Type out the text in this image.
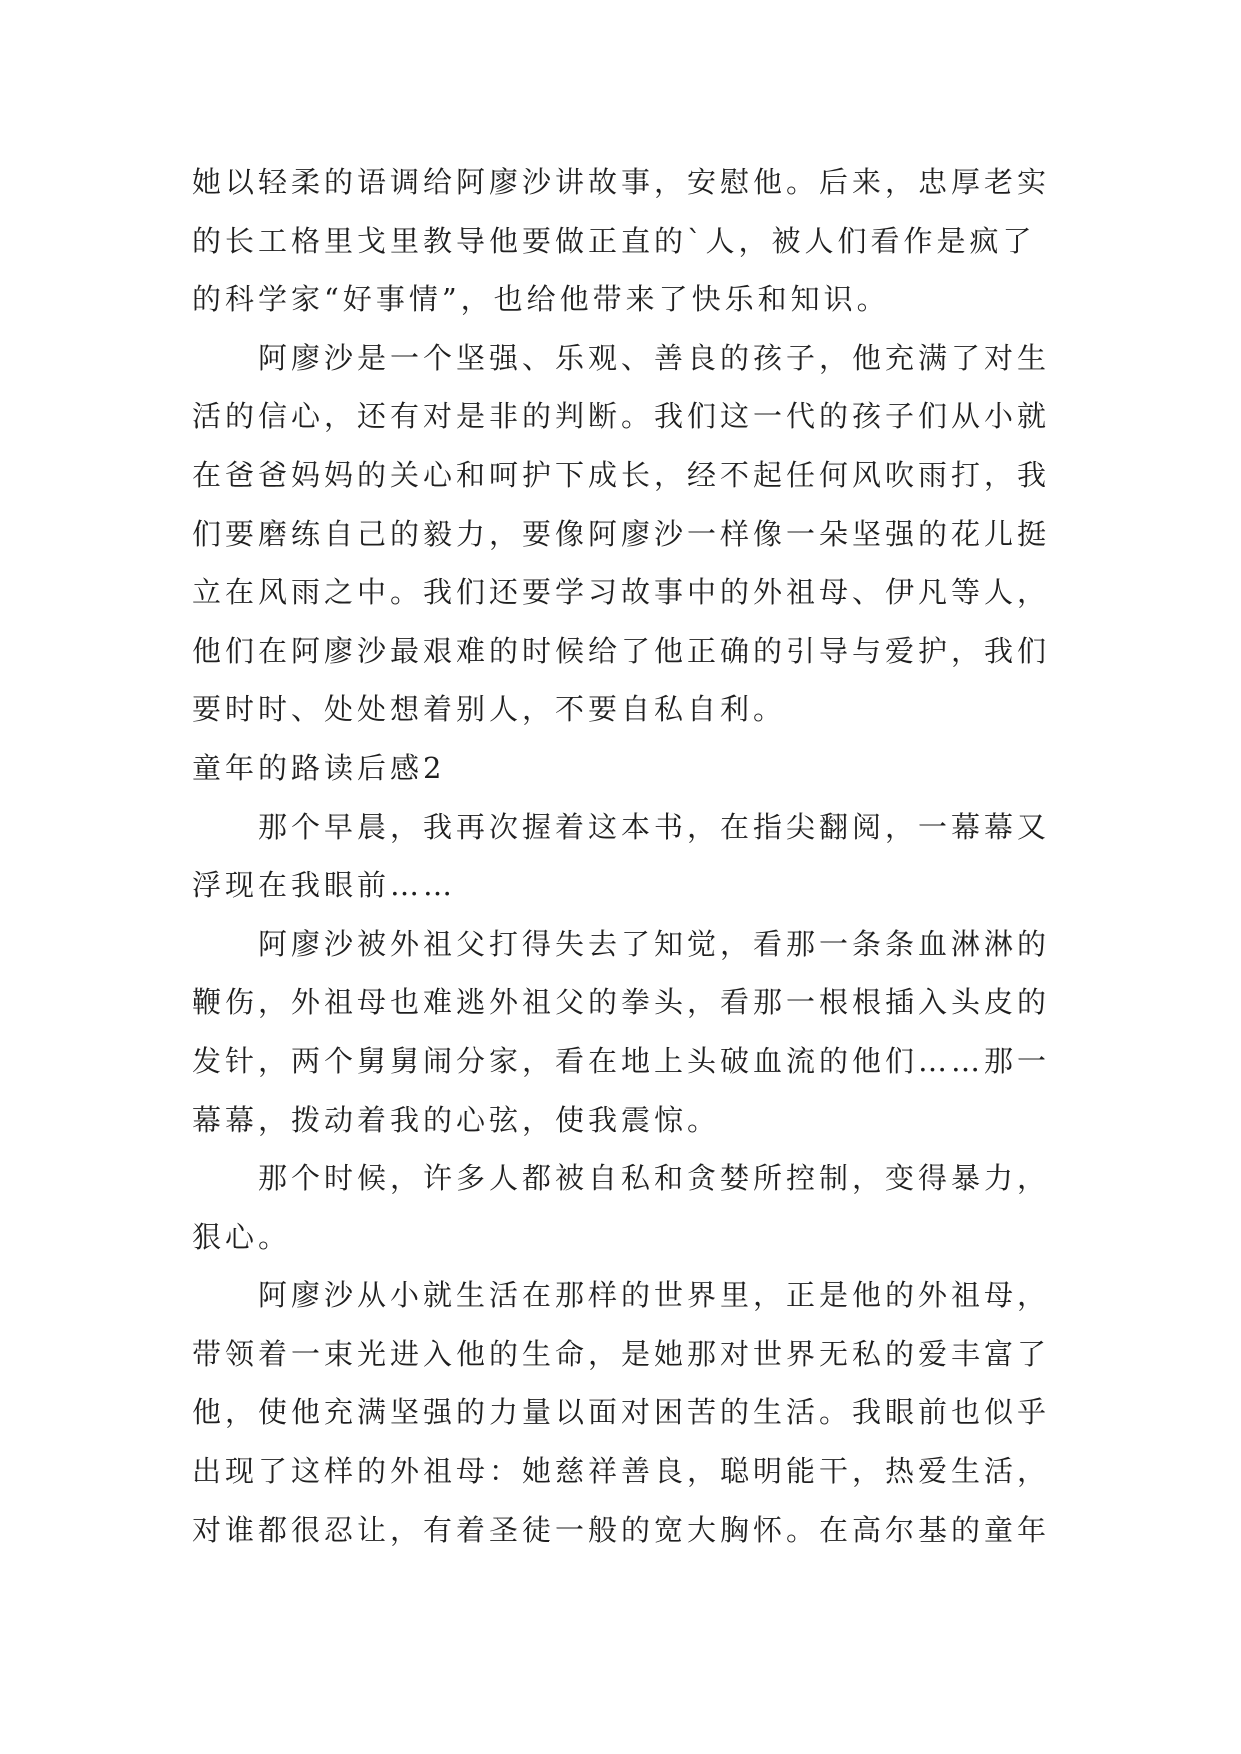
她以轻柔的语调给阿廖沙讲故事，安慰他。后来，忠厚老实
的长工格里戈里教导他要做正直的`人，被人们看作是疯了
的科学家“好事情”，也给他带来了快乐和知识。
阿廖沙是一个坚强、乐观、善良的孩子，他充满了对生
活的信心，还有对是非的判断。我们这一代的孩子们从小就
在爸爸妈妈的关心和呵护下成长，经不起任何风吹雨打，我
们要磨练自己的毅力，要像阿廖沙一样像一朵坚强的花儿挺
立在风雨之中。我们还要学习故事中的外祖母、伊凡等人，
他们在阿廖沙最艰难的时候给了他正确的引导与爱护，我们
要时时、处处想着别人，不要自私自利。
童年的路读后感2
那个早晨，我再次握着这本书，在指尖翻阅，一幕幕又
浮现在我眼前……
阿廖沙被外祖父打得失去了知觉，看那一条条血淋淋的
鞭伤，外祖母也难逃外祖父的拳头，看那一根根插入头皮的
发针，两个舅舅闹分家，看在地上头破血流的他们……那一
幕幕，拨动着我的心弦，使我震惊。
那个时候，许多人都被自私和贪婪所控制，变得暴力，
狠心。
阿廖沙从小就生活在那样的世界里，正是他的外祖母，
带领着一束光进入他的生命，是她那对世界无私的爱丰富了
他，使他充满坚强的力量以面对困苦的生活。我眼前也似乎
出现了这样的外祖母：她慈祥善良，聪明能干，热爱生活，
对谁都很忍让，有着圣徒一般的宽大胸怀。在高尔基的童年
